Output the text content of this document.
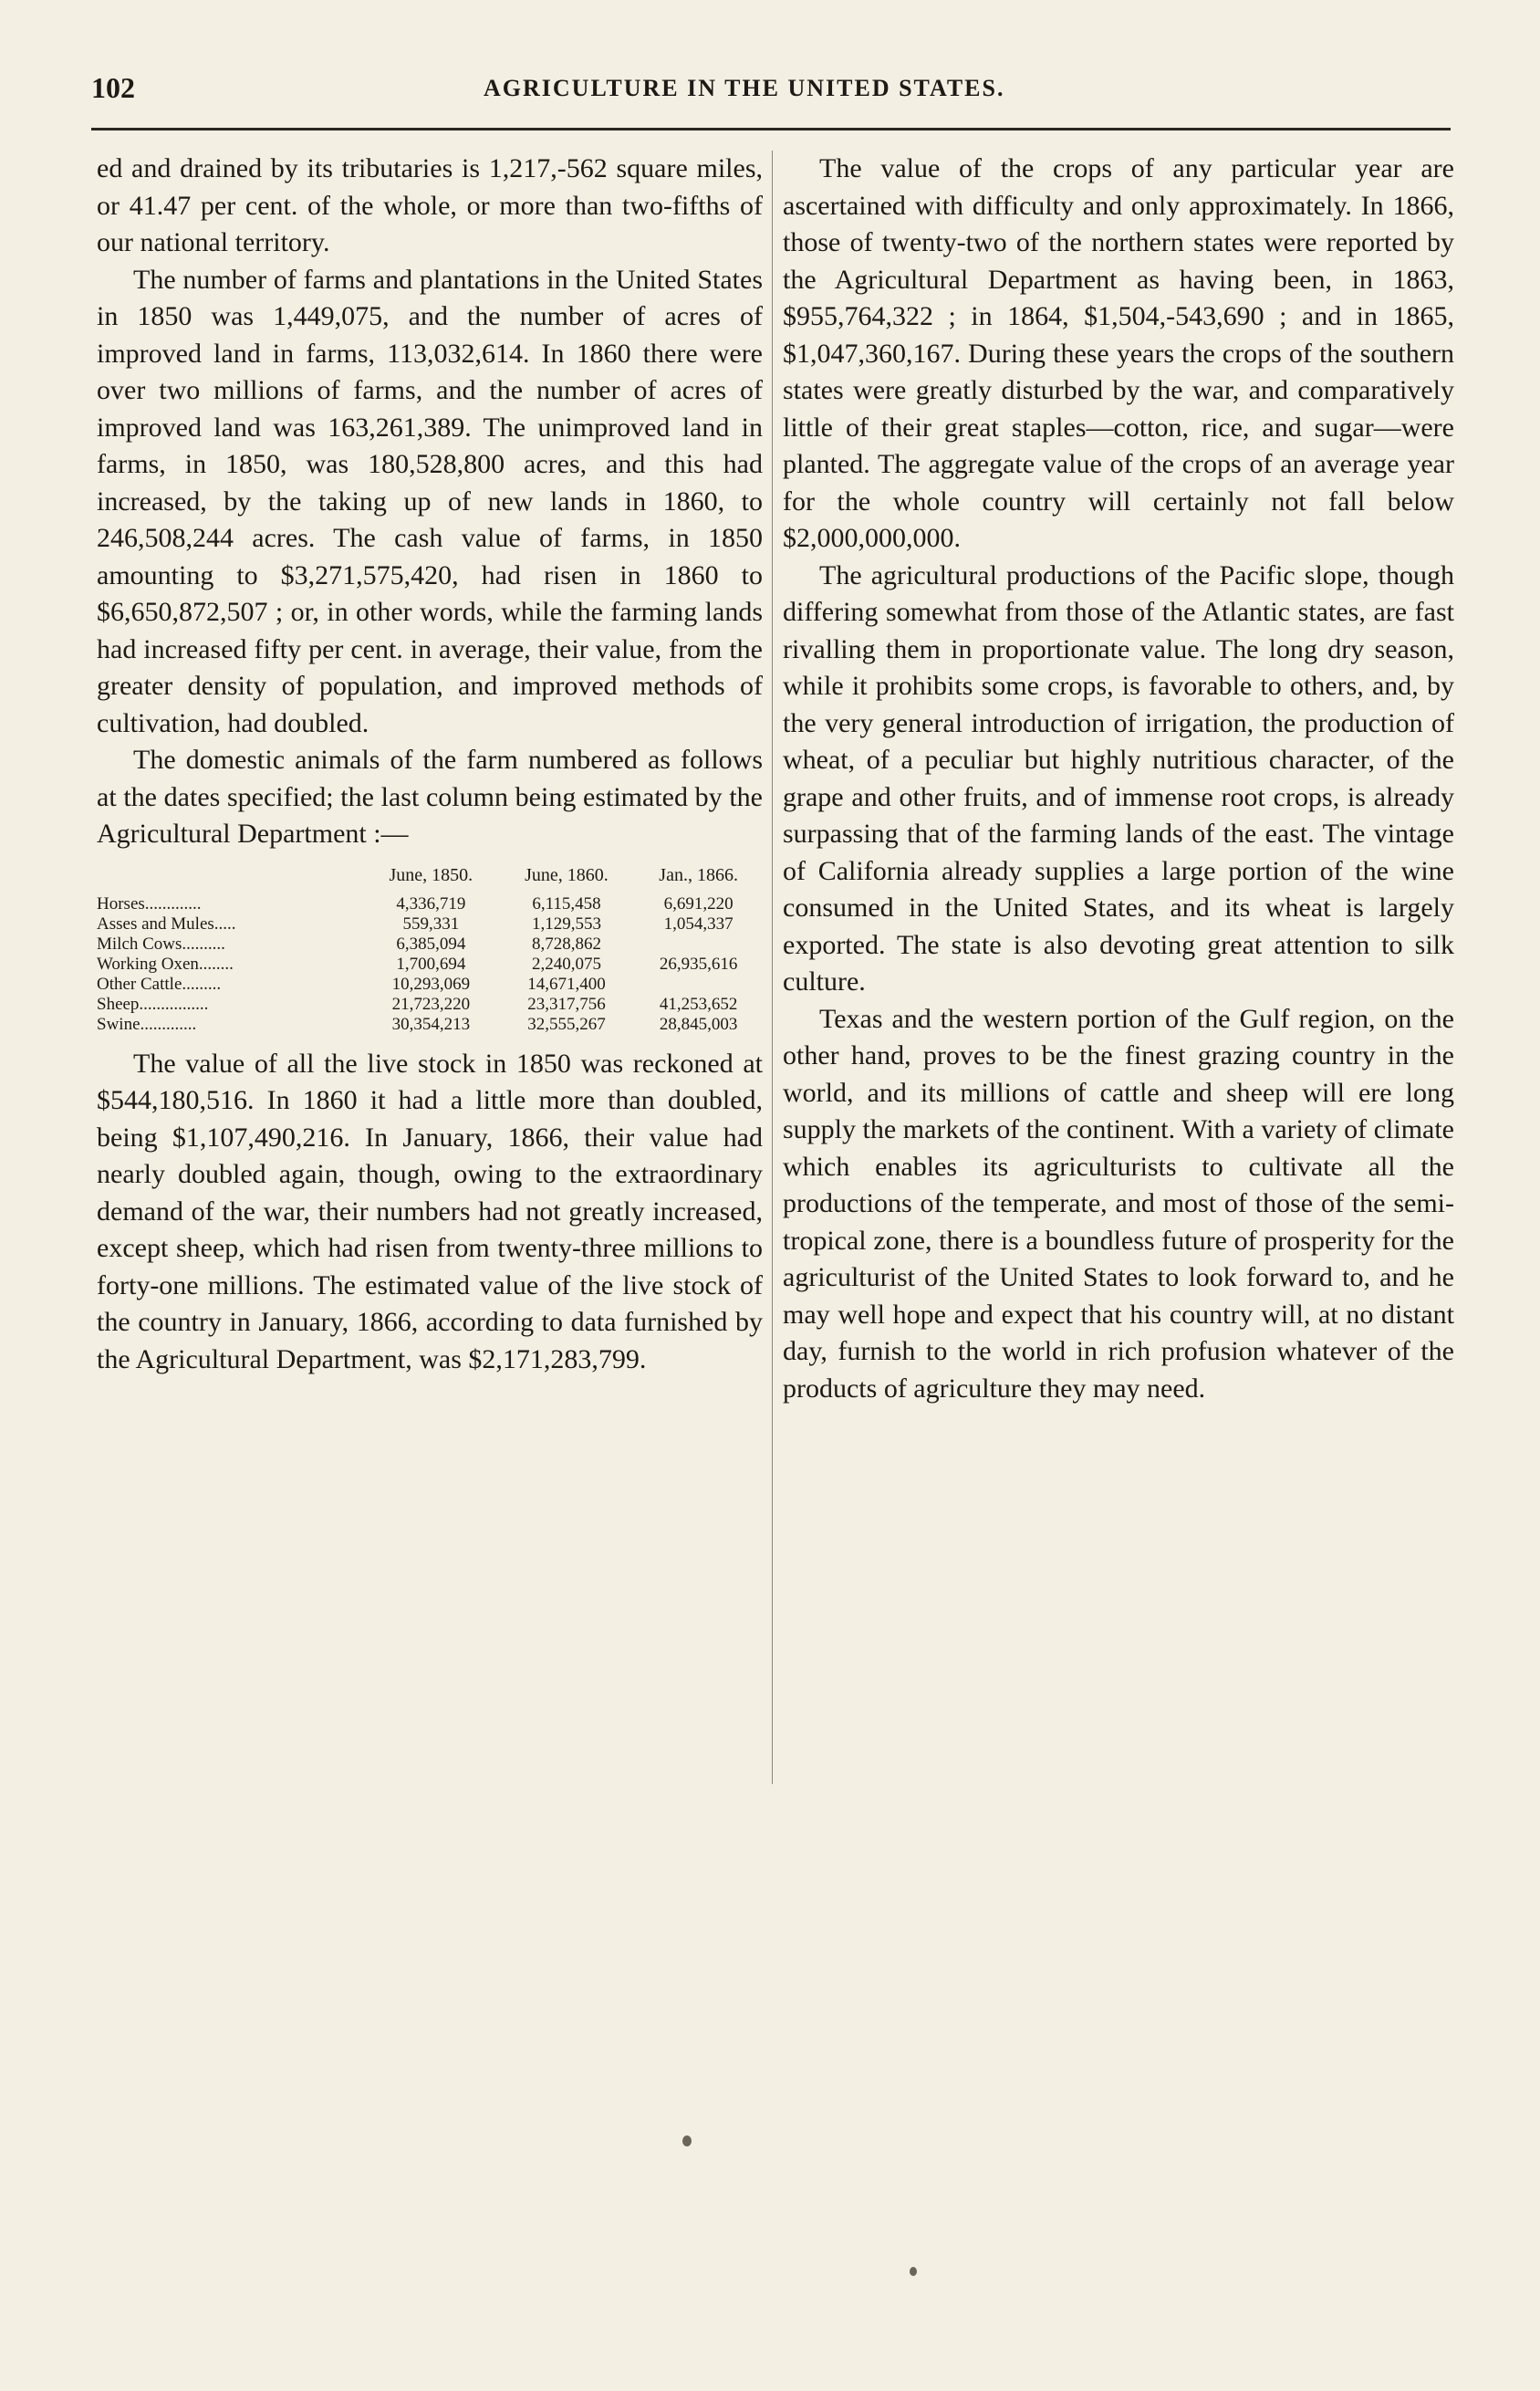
102	AGRICULTURE IN THE UNITED STATES.

ed and drained by its tributaries is 1,217,-562 square miles, or 41.47 per cent. of the whole, or more than two-fifths of our national territory.

The number of farms and plantations in the United States in 1850 was 1,449,075, and the number of acres of improved land in farms, 113,032,614. In 1860 there were over two millions of farms, and the number of acres of improved land was 163,261,389. The unimproved land in farms, in 1850, was 180,528,800 acres, and this had increased, by the taking up of new lands in 1860, to 246,508,244 acres. The cash value of farms, in 1850 amounting to $3,271,575,420, had risen in 1860 to $6,650,872,507 ; or, in other words, while the farming lands had increased fifty per cent. in average, their value, from the greater density of population, and improved methods of cultivation, had doubled.

The domestic animals of the farm numbered as follows at the dates specified; the last column being estimated by the Agricultural Department :—

	June, 1850.	June, 1860.	Jan., 1866.
Horses.............	4,336,719	6,115,458	6,691,220
Asses and Mules.....	559,331	1,129,553	1,054,337
Milch Cows..........	6,385,094	8,728,862	
Working Oxen........	1,700,694	2,240,075	26,935,616
Other Cattle.........	10,293,069	14,671,400	
Sheep................	21,723,220	23,317,756	41,253,652
Swine.............	30,354,213	32,555,267	28,845,003

The value of all the live stock in 1850 was reckoned at $544,180,516. In 1860 it had a little more than doubled, being $1,107,490,216. In January, 1866, their value had nearly doubled again, though, owing to the extraordinary demand of the war, their numbers had not greatly increased, except sheep, which had risen from twenty-three millions to forty-one millions. The estimated value of the live stock of the country in January, 1866, according to data furnished by the Agricultural Department, was $2,171,283,799.

The value of the crops of any particular year are ascertained with difficulty and only approximately. In 1866, those of twenty-two of the northern states were reported by the Agricultural Department as having been, in 1863, $955,764,322 ; in 1864, $1,504,-543,690 ; and in 1865, $1,047,360,167. During these years the crops of the southern states were greatly disturbed by the war, and comparatively little of their great staples—cotton, rice, and sugar—were planted. The aggregate value of the crops of an average year for the whole country will certainly not fall below $2,000,000,000.

The agricultural productions of the Pacific slope, though differing somewhat from those of the Atlantic states, are fast rivalling them in proportionate value. The long dry season, while it prohibits some crops, is favorable to others, and, by the very general introduction of irrigation, the production of wheat, of a peculiar but highly nutritious character, of the grape and other fruits, and of immense root crops, is already surpassing that of the farming lands of the east. The vintage of California already supplies a large portion of the wine consumed in the United States, and its wheat is largely exported. The state is also devoting great attention to silk culture.

Texas and the western portion of the Gulf region, on the other hand, proves to be the finest grazing country in the world, and its millions of cattle and sheep will ere long supply the markets of the continent. With a variety of climate which enables its agriculturists to cultivate all the productions of the temperate, and most of those of the semi-tropical zone, there is a boundless future of prosperity for the agriculturist of the United States to look forward to, and he may well hope and expect that his country will, at no distant day, furnish to the world in rich profusion whatever of the products of agriculture they may need.
